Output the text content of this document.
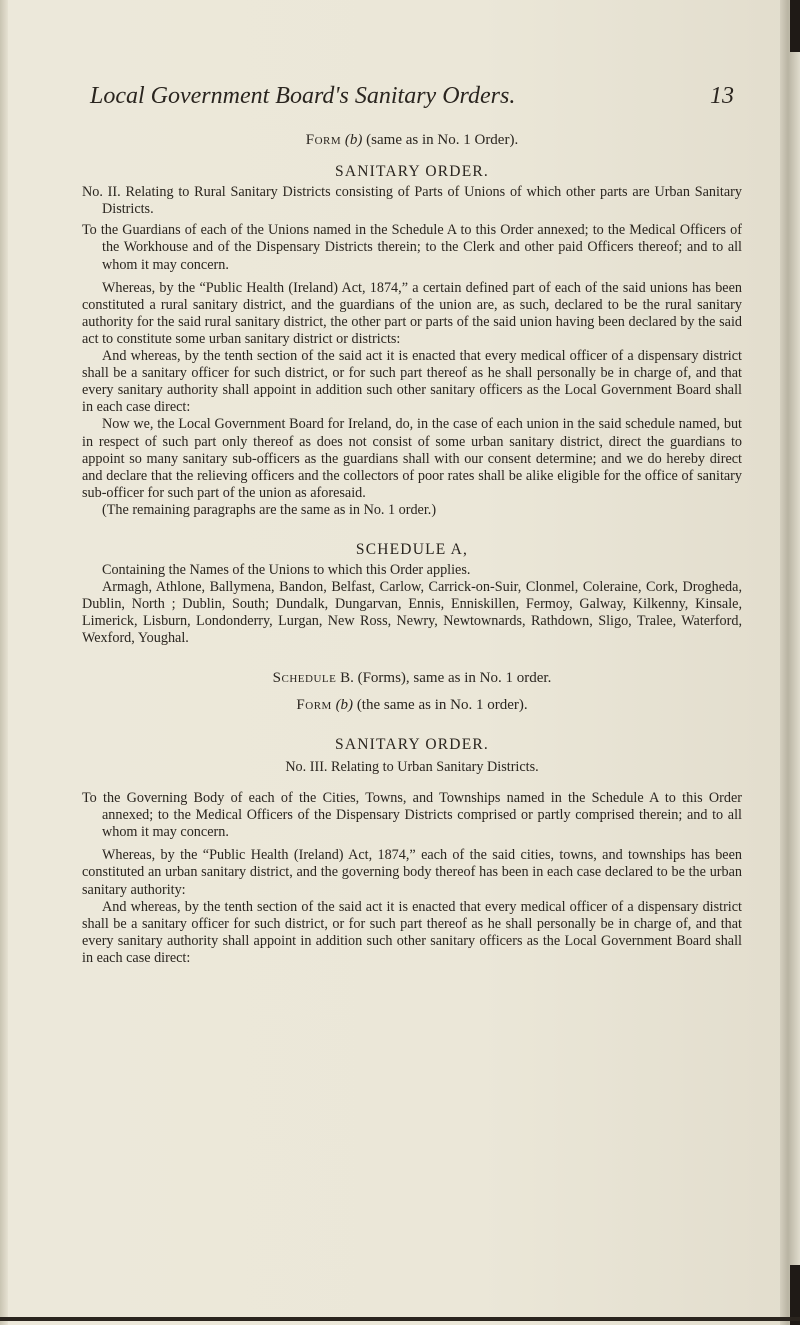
Local Government Board's Sanitary Orders.	13
Form (b) (same as in No. 1 Order).
SANITARY ORDER.

No. II. Relating to Rural Sanitary Districts consisting of Parts of Unions of which other parts are Urban Sanitary Districts.

To the Guardians of each of the Unions named in the Schedule A to this Order annexed; to the Medical Officers of the Workhouse and of the Dispensary Districts therein; to the Clerk and other paid Officers thereof; and to all whom it may concern.

Whereas, by the “Public Health (Ireland) Act, 1874,” a certain defined part of each of the said unions has been constituted a rural sanitary district, and the guardians of the union are, as such, declared to be the rural sanitary authority for the said rural sanitary district, the other part or parts of the said union having been declared by the said act to constitute some urban sanitary district or districts:

And whereas, by the tenth section of the said act it is enacted that every medical officer of a dispensary district shall be a sanitary officer for such district, or for such part thereof as he shall personally be in charge of, and that every sanitary authority shall appoint in addition such other sanitary officers as the Local Government Board shall in each case direct:

Now we, the Local Government Board for Ireland, do, in the case of each union in the said schedule named, but in respect of such part only thereof as does not consist of some urban sanitary district, direct the guardians to appoint so many sanitary sub-officers as the guardians shall with our consent determine; and we do hereby direct and declare that the relieving officers and the collectors of poor rates shall be alike eligible for the office of sanitary sub-officer for such part of the union as aforesaid.

(The remaining paragraphs are the same as in No. 1 order.)

SCHEDULE A,

Containing the Names of the Unions to which this Order applies.

Armagh, Athlone, Ballymena, Bandon, Belfast, Carlow, Carrick-on-Suir, Clonmel, Coleraine, Cork, Drogheda, Dublin, North ; Dublin, South; Dundalk, Dungarvan, Ennis, Enniskillen, Fermoy, Galway, Kilkenny, Kinsale, Limerick, Lisburn, Londonderry, Lurgan, New Ross, Newry, Newtownards, Rathdown, Sligo, Tralee, Waterford, Wexford, Youghal.

Schedule B. (Forms), same as in No. 1 order.
Form (b) (the same as in No. 1 order).
SANITARY ORDER.

No. III. Relating to Urban Sanitary Districts.

To the Governing Body of each of the Cities, Towns, and Townships named in the Schedule A to this Order annexed; to the Medical Officers of the Dispensary Districts comprised or partly comprised therein; and to all whom it may concern.

Whereas, by the “Public Health (Ireland) Act, 1874,” each of the said cities, towns, and townships has been constituted an urban sanitary district, and the governing body thereof has been in each case declared to be the urban sanitary authority:

And whereas, by the tenth section of the said act it is enacted that every medical officer of a dispensary district shall be a sanitary officer for such district, or for such part thereof as he shall personally be in charge of, and that every sanitary authority shall appoint in addition such other sanitary officers as the Local Government Board shall in each case direct:
